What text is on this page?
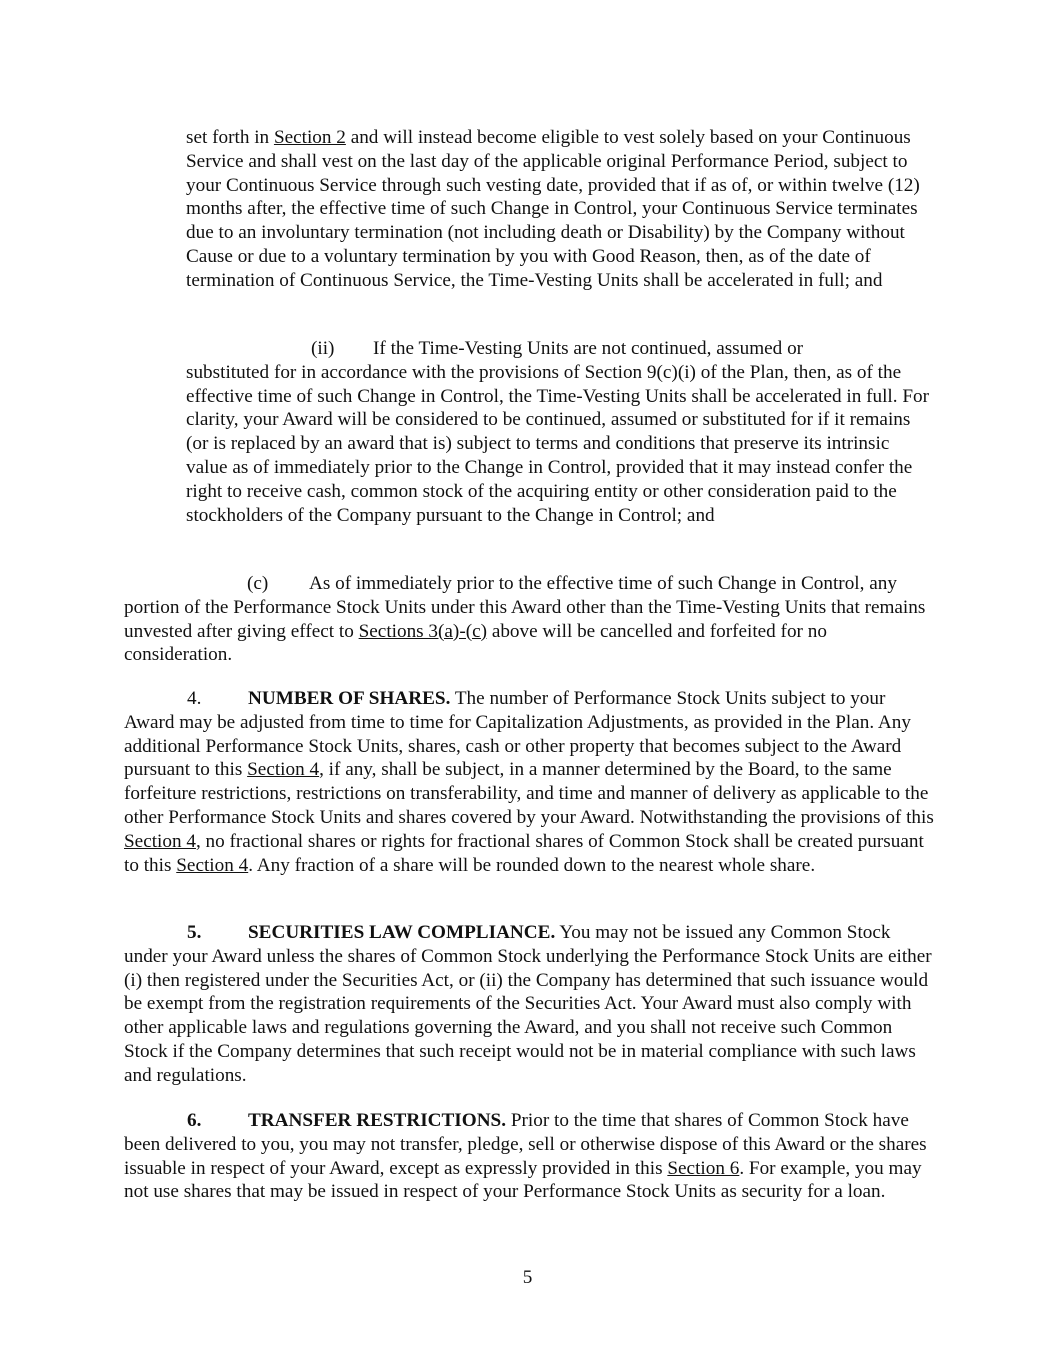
set forth in Section 2 and will instead become eligible to vest solely based on your Continuous Service and shall vest on the last day of the applicable original Performance Period, subject to your Continuous Service through such vesting date, provided that if as of, or within twelve (12) months after, the effective time of such Change in Control, your Continuous Service terminates due to an involuntary termination (not including death or Disability) by the Company without Cause or due to a voluntary termination by you with Good Reason, then, as of the date of termination of Continuous Service, the Time-Vesting Units shall be accelerated in full; and

(ii) If the Time-Vesting Units are not continued, assumed or
substituted for in accordance with the provisions of Section 9(c)(i) of the Plan, then, as of the effective time of such Change in Control, the Time-Vesting Units shall be accelerated in full. For clarity, your Award will be considered to be continued, assumed or substituted for if it remains (or is replaced by an award that is) subject to terms and conditions that preserve its intrinsic value as of immediately prior to the Change in Control, provided that it may instead confer the right to receive cash, common stock of the acquiring entity or other consideration paid to the stockholders of the Company pursuant to the Change in Control; and

(c) As of immediately prior to the effective time of such Change in Control, any portion of the Performance Stock Units under this Award other than the Time-Vesting Units that remains unvested after giving effect to Sections 3(a)-(c) above will be cancelled and forfeited for no consideration.

4. NUMBER OF SHARES. The number of Performance Stock Units subject to your Award may be adjusted from time to time for Capitalization Adjustments, as provided in the Plan. Any additional Performance Stock Units, shares, cash or other property that becomes subject to the Award pursuant to this Section 4, if any, shall be subject, in a manner determined by the Board, to the same forfeiture restrictions, restrictions on transferability, and time and manner of delivery as applicable to the other Performance Stock Units and shares covered by your Award. Notwithstanding the provisions of this Section 4, no fractional shares or rights for fractional shares of Common Stock shall be created pursuant to this Section 4. Any fraction of a share will be rounded down to the nearest whole share.

5. SECURITIES LAW COMPLIANCE. You may not be issued any Common Stock under your Award unless the shares of Common Stock underlying the Performance Stock Units are either (i) then registered under the Securities Act, or (ii) the Company has determined that such issuance would be exempt from the registration requirements of the Securities Act. Your Award must also comply with other applicable laws and regulations governing the Award, and you shall not receive such Common Stock if the Company determines that such receipt would not be in material compliance with such laws and regulations.

6. TRANSFER RESTRICTIONS. Prior to the time that shares of Common Stock have been delivered to you, you may not transfer, pledge, sell or otherwise dispose of this Award or the shares issuable in respect of your Award, except as expressly provided in this Section 6. For example, you may not use shares that may be issued in respect of your Performance Stock Units as security for a loan.

5
